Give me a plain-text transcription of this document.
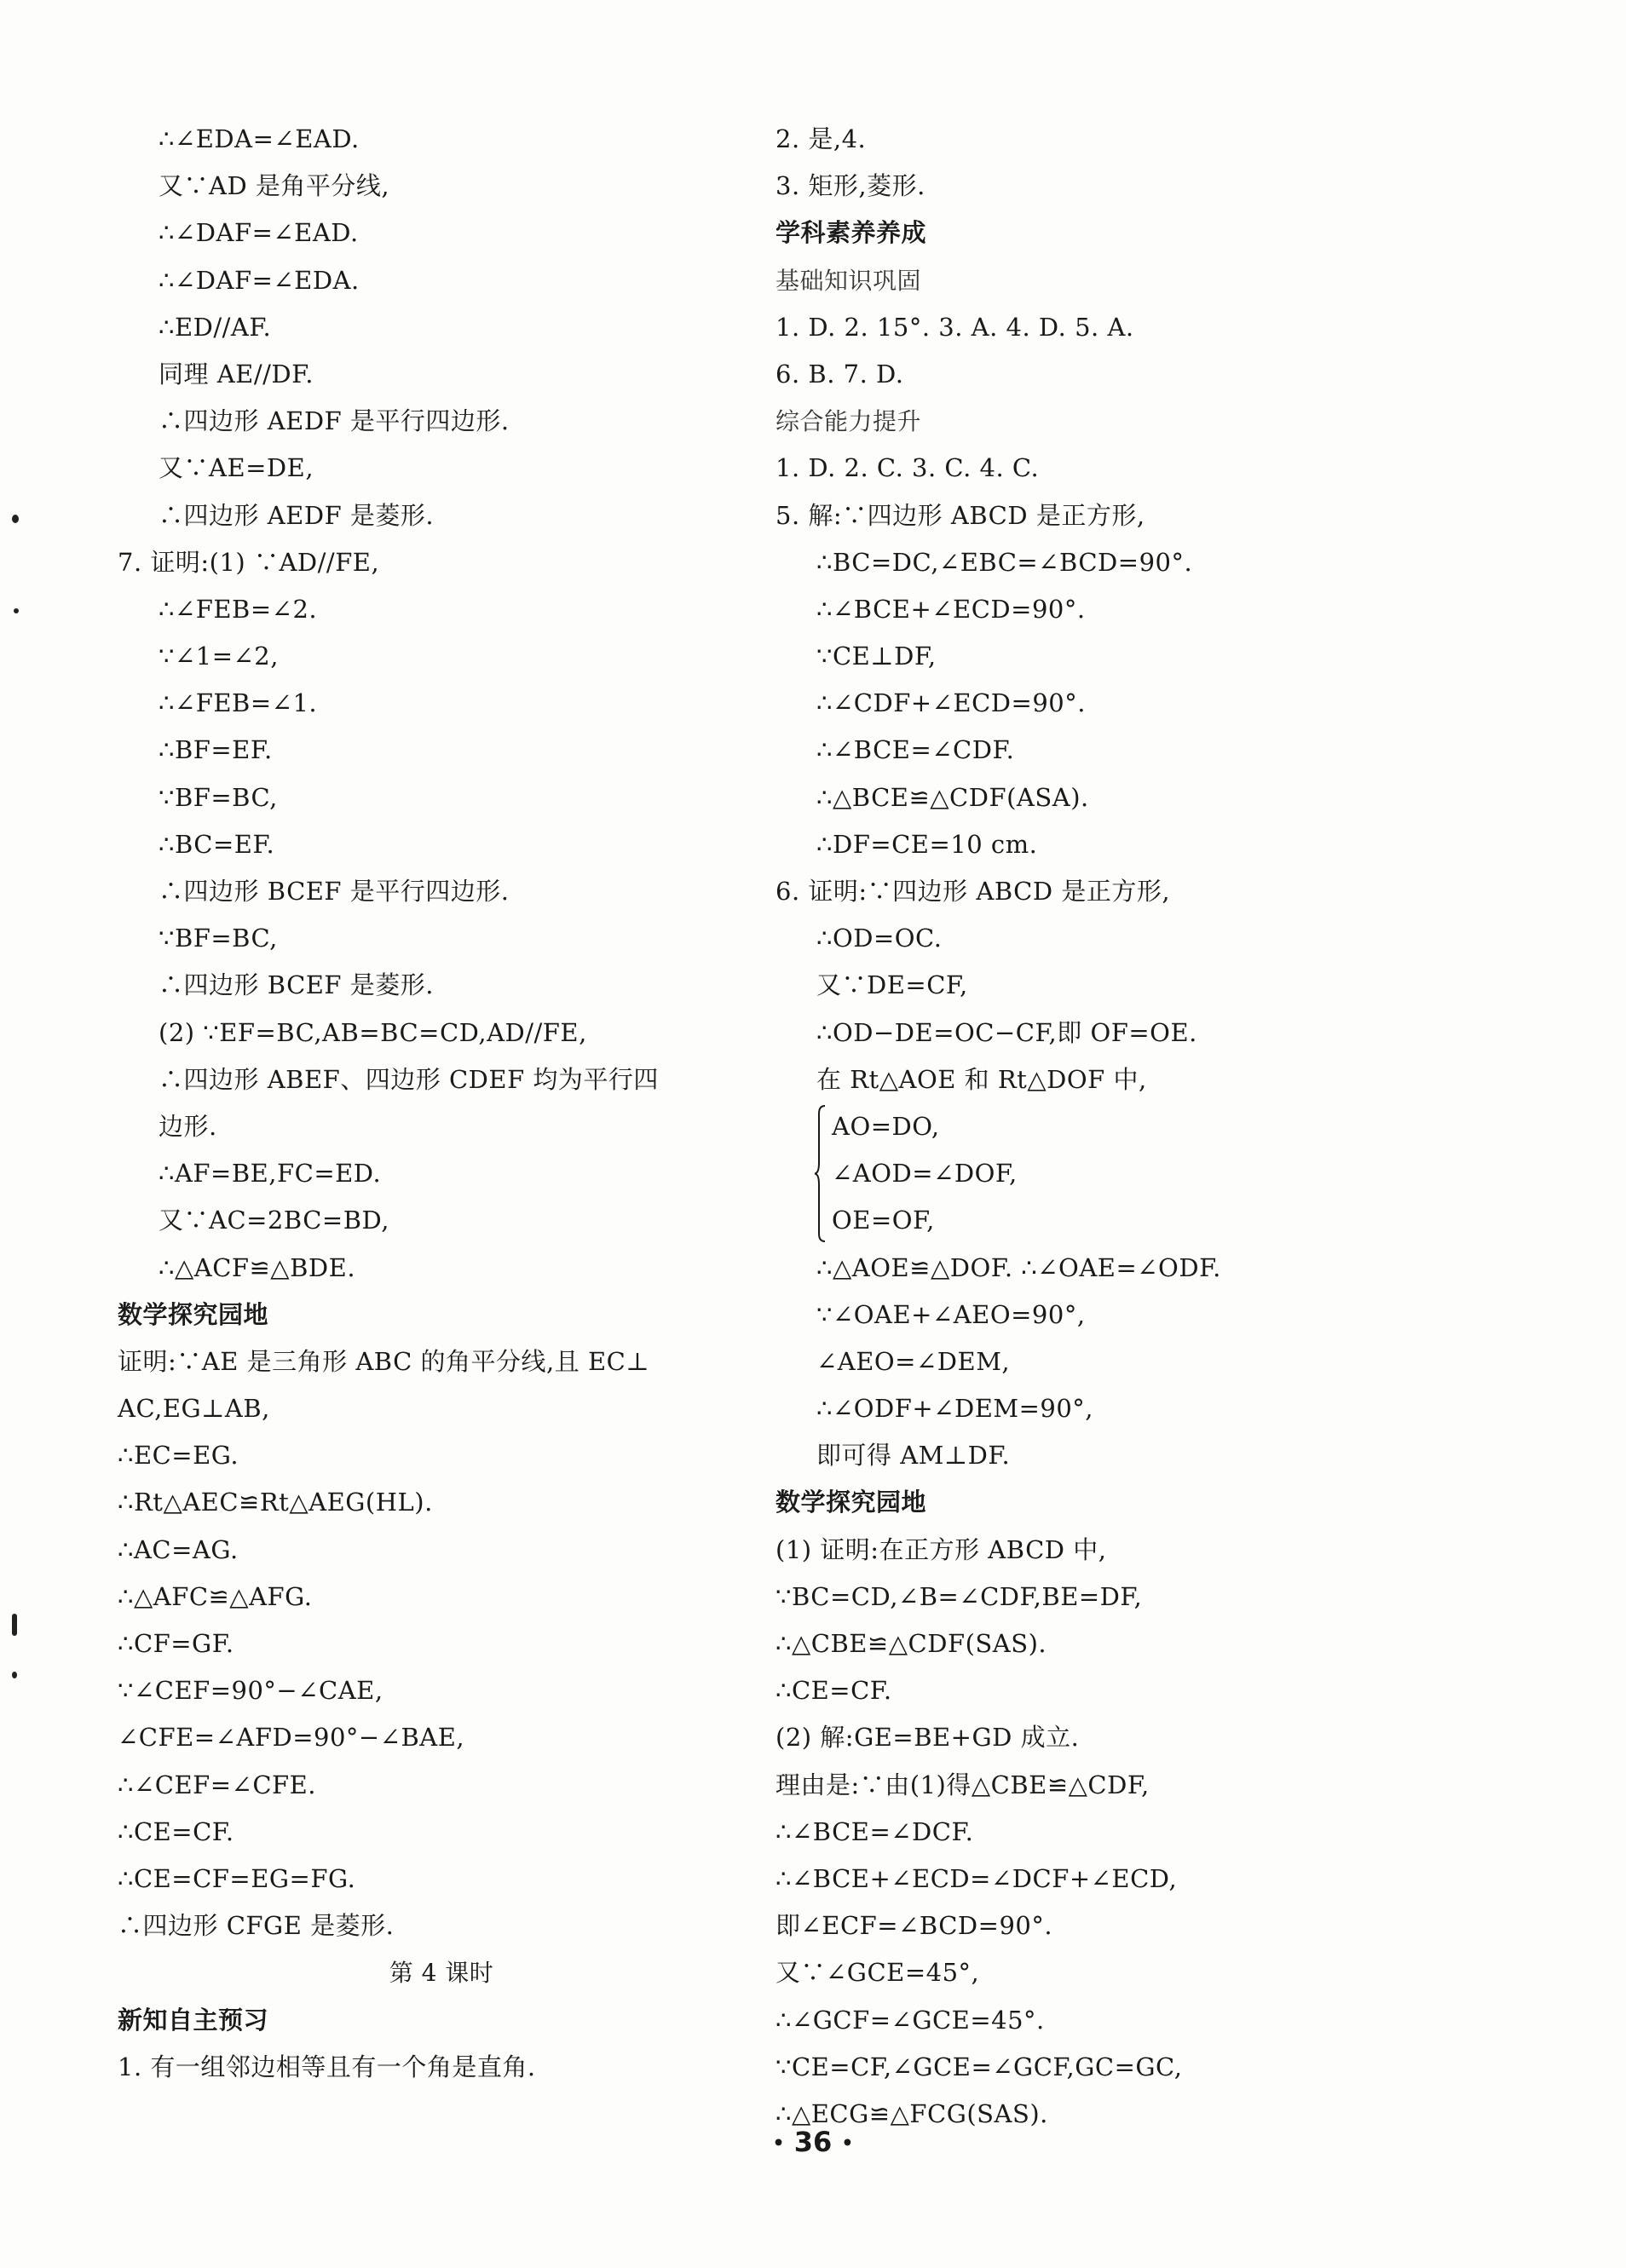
∴∠EDA=∠EAD.
又∵AD 是角平分线,
∴∠DAF=∠EAD.
∴∠DAF=∠EDA.
∴ED//AF.
同理 AE//DF.
∴四边形 AEDF 是平行四边形.
又∵AE=DE,
∴四边形 AEDF 是菱形.
7. 证明:(1) ∵AD//FE,
∴∠FEB=∠2.
∵∠1=∠2,
∴∠FEB=∠1.
∴BF=EF.
∵BF=BC,
∴BC=EF.
∴四边形 BCEF 是平行四边形.
∵BF=BC,
∴四边形 BCEF 是菱形.
(2) ∵EF=BC,AB=BC=CD,AD//FE,
∴四边形 ABEF、四边形 CDEF 均为平行四
边形.
∴AF=BE,FC=ED.
又∵AC=2BC=BD,
∴△ACF≌△BDE.
数学探究园地
证明:∵AE 是三角形 ABC 的角平分线,且 EC⊥
AC,EG⊥AB,
∴EC=EG.
∴Rt△AEC≌Rt△AEG(HL).
∴AC=AG.
∴△AFC≌△AFG.
∴CF=GF.
∵∠CEF=90°−∠CAE,
∠CFE=∠AFD=90°−∠BAE,
∴∠CEF=∠CFE.
∴CE=CF.
∴CE=CF=EG=FG.
∴四边形 CFGE 是菱形.
第 4 课时
新知自主预习
1. 有一组邻边相等且有一个角是直角.
2. 是,4.
3. 矩形,菱形.
学科素养养成
基础知识巩固
1. D. 2. 15°. 3. A. 4. D. 5. A.
6. B. 7. D.
综合能力提升
1. D. 2. C. 3. C. 4. C.
5. 解:∵四边形 ABCD 是正方形,
∴BC=DC,∠EBC=∠BCD=90°.
∴∠BCE+∠ECD=90°.
∵CE⊥DF,
∴∠CDF+∠ECD=90°.
∴∠BCE=∠CDF.
∴△BCE≌△CDF(ASA).
∴DF=CE=10 cm.
6. 证明:∵四边形 ABCD 是正方形,
∴OD=OC.
又∵DE=CF,
∴OD−DE=OC−CF,即 OF=OE.
在 Rt△AOE 和 Rt△DOF 中,
AO=DO,
∠AOD=∠DOF,
OE=OF,
∴△AOE≌△DOF. ∴∠OAE=∠ODF.
∵∠OAE+∠AEO=90°,
∠AEO=∠DEM,
∴∠ODF+∠DEM=90°,
即可得 AM⊥DF.
数学探究园地
(1) 证明:在正方形 ABCD 中,
∵BC=CD,∠B=∠CDF,BE=DF,
∴△CBE≌△CDF(SAS).
∴CE=CF.
(2) 解:GE=BE+GD 成立.
理由是:∵由(1)得△CBE≌△CDF,
∴∠BCE=∠DCF.
∴∠BCE+∠ECD=∠DCF+∠ECD,
即∠ECF=∠BCD=90°.
又∵∠GCE=45°,
∴∠GCF=∠GCE=45°.
∵CE=CF,∠GCE=∠GCF,GC=GC,
∴△ECG≌△FCG(SAS).
• 36 •
